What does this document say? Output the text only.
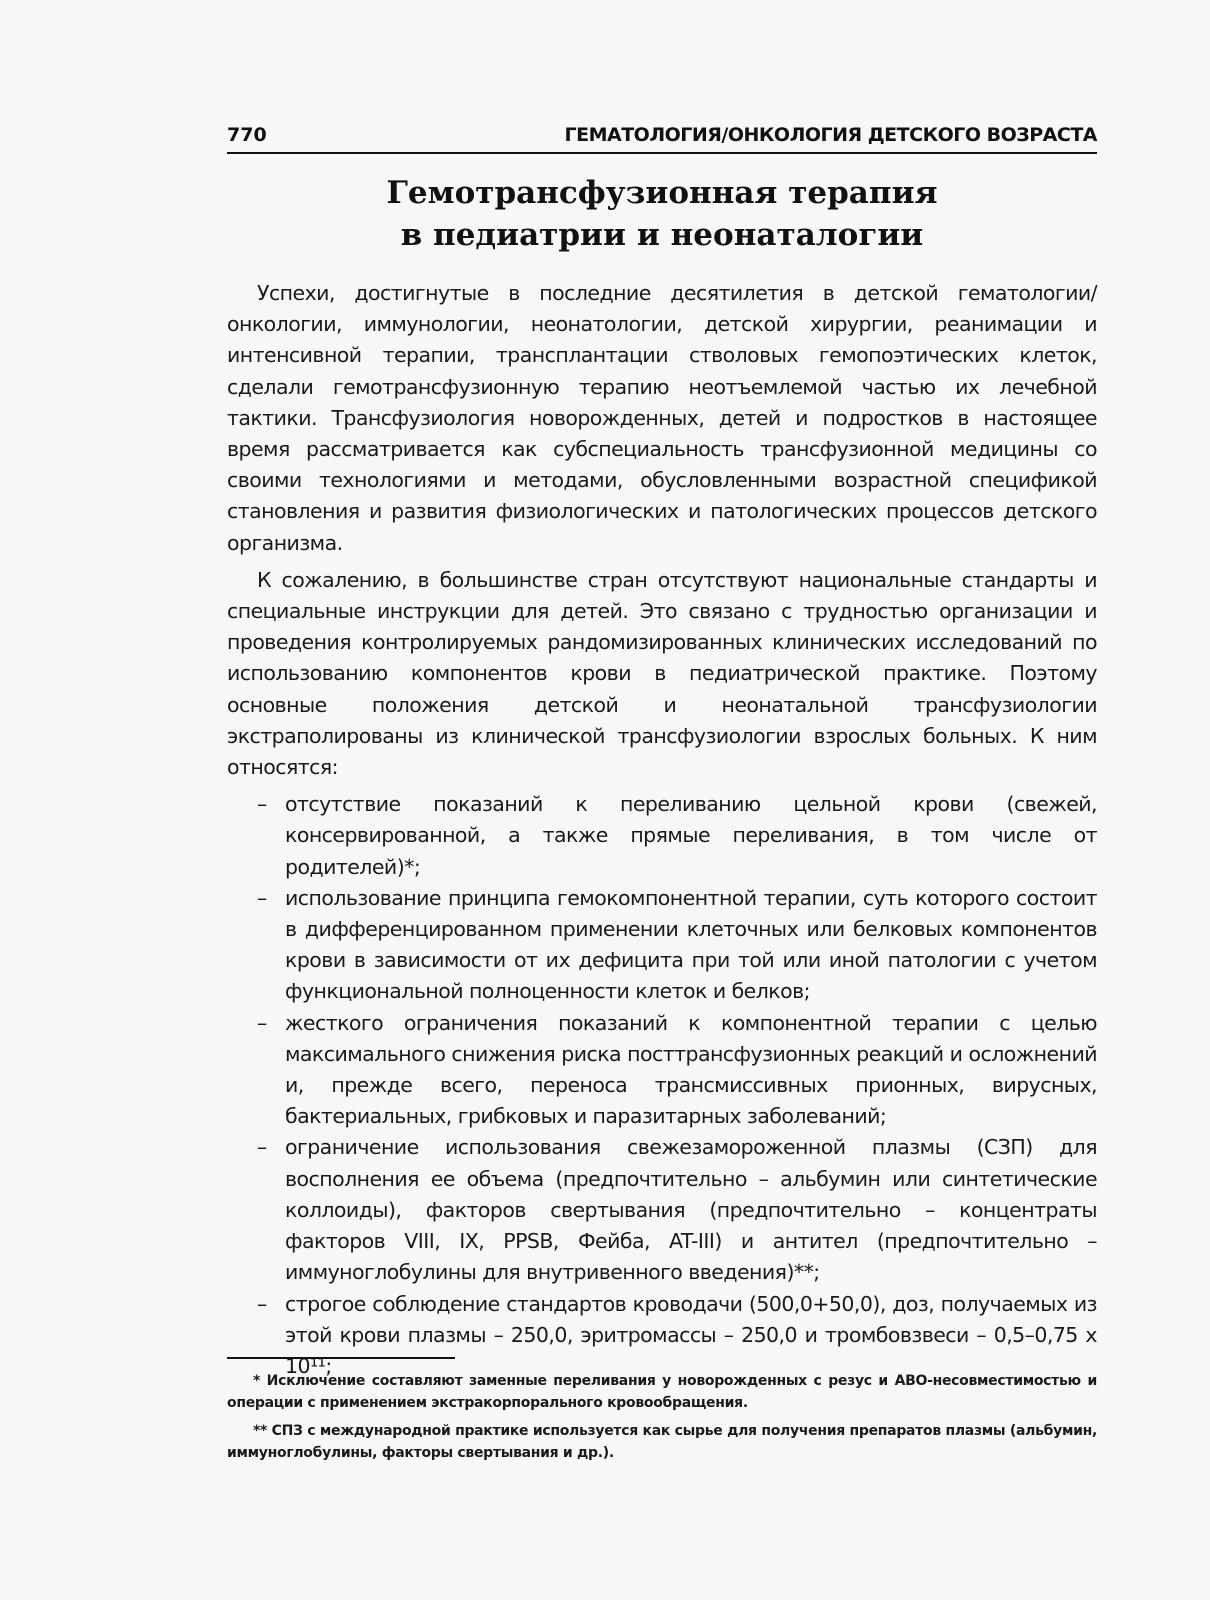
770	ГЕМАТОЛОГИЯ/ОНКОЛОГИЯ ДЕТСКОГО ВОЗРАСТА
Гемотрансфузионная терапия
в педиатрии и неонаталогии

Успехи, достигнутые в последние десятилетия в детской гематологии/онкологии, иммунологии, неонатологии, детской хирургии, реанимации и интенсивной терапии, трансплантации стволовых гемопоэтических клеток, сделали гемотрансфузионную терапию неотъемлемой частью их лечебной тактики. Трансфузиология новорожденных, детей и подростков в настоящее время рассматривается как субспециальность трансфузионной медицины со своими технологиями и методами, обусловленными возрастной спецификой становления и развития физиологических и патологических процессов детского организма.

К сожалению, в большинстве стран отсутствуют национальные стандарты и специальные инструкции для детей. Это связано с трудностью организации и проведения контролируемых рандомизированных клинических исследований по использованию компонентов крови в педиатрической практике. Поэтому основные положения детской и неонатальной трансфузиологии экстраполированы из клинической трансфузиологии взрослых больных. К ним относятся:

– отсутствие показаний к переливанию цельной крови (свежей, консервированной, а также прямые переливания, в том числе от родителей)*;
– использование принципа гемокомпонентной терапии, суть которого состоит в дифференцированном применении клеточных или белковых компонентов крови в зависимости от их дефицита при той или иной патологии с учетом функциональной полноценности клеток и белков;
– жесткого ограничения показаний к компонентной терапии с целью максимального снижения риска посттрансфузионных реакций и осложнений и, прежде всего, переноса трансмиссивных прионных, вирусных, бактериальных, грибковых и паразитарных заболеваний;
– ограничение использования свежезамороженной плазмы (СЗП) для восполнения ее объема (предпочтительно – альбумин или синтетические коллоиды), факторов свертывания (предпочтительно – концентраты факторов VIII, IX, PPSB, Фейба, AT-III) и антител (предпочтительно – иммуноглобулины для внутривенного введения)**;
– строгое соблюдение стандартов кроводачи (500,0+50,0), доз, получаемых из этой крови плазмы – 250,0, эритромассы – 250,0 и тромбовзвеси – 0,5–0,75 x 10¹¹;

* Исключение составляют заменные переливания у новорожденных с резус и АВО-несовместимостью и операции с применением экстракорпорального кровообращения.

** СПЗ с международной практике используется как сырье для получения препаратов плазмы (альбумин, иммуноглобулины, факторы свертывания и др.).
